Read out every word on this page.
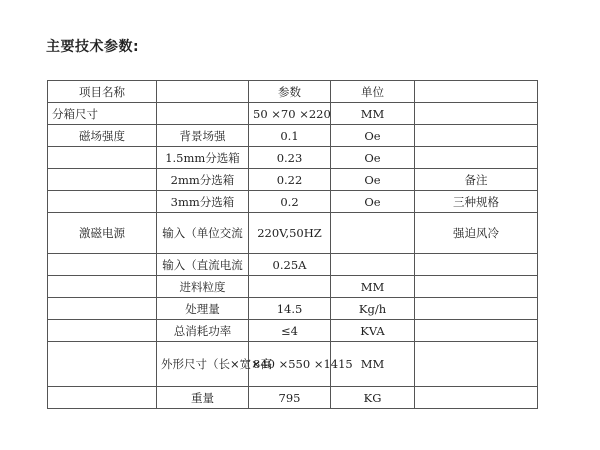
主要技术参数:
项目名称		参数	单位	
分箱尺寸		50 ×70 ×220	MM	
磁场强度	背景场强	0.1	Oe	
	1.5mm分选箱	0.23	Oe	
	2mm分选箱	0.22	Oe	备注
	3mm分选箱	0.2	Oe	三种规格
激磁电源	输入（单位交流	220V,50HZ		强迫风冷
	输入（直流电流	0.25A		
	进料粒度		MM	
	处理量	14.5	Kg/h	
	总消耗功率	≤4	KVA	
	外形尺寸（长×宽×高	840 ×550 ×1415	MM	
	重量	795	KG	
